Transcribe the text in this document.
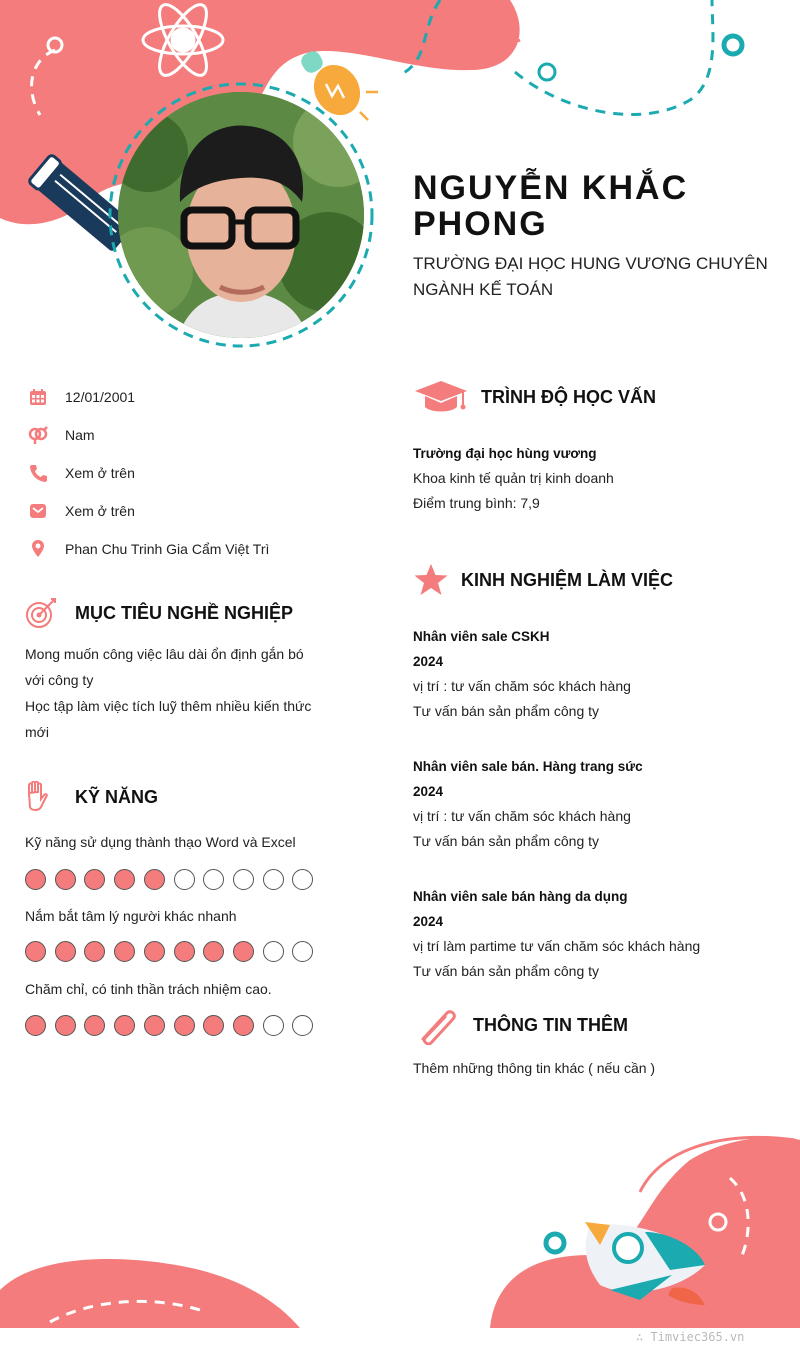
NGUYỄN KHẮC PHONG
TRƯỜNG ĐẠI HỌC HUNG VƯƠNG CHUYÊN NGÀNH KẾ TOÁN
12/01/2001
Nam
Xem ở trên
Xem ở trên
Phan Chu Trinh Gia Cẩm Việt Trì
MỤC TIÊU NGHỀ NGHIỆP
Mong muốn công việc lâu dài ổn định gắn bó với công ty
Học tập làm việc tích luỹ thêm nhiều kiến thức mới
KỸ NĂNG
Kỹ năng sử dụng thành thạo Word và Excel
Nắm bắt tâm lý người khác nhanh
Chăm chỉ, có tinh thần trách nhiệm cao.
TRÌNH ĐỘ HỌC VẤN
Trường đại học hùng vương
Khoa kinh tế quản trị kinh doanh
Điểm trung bình: 7,9
KINH NGHIỆM LÀM VIỆC
Nhân viên sale CSKH
2024
vị trí : tư vấn chăm sóc khách hàng
Tư vấn bán sản phẩm công ty
Nhân viên sale bán. Hàng trang sức
2024
vị trí : tư vấn chăm sóc khách hàng
Tư vấn bán sản phẩm công ty
Nhân viên sale bán hàng da dụng
2024
vị trí làm partime tư vấn chăm sóc khách hàng
Tư vấn bán sản phẩm công ty
THÔNG TIN THÊM
Thêm những thông tin khác ( nếu cần )
∴ Timviec365.vn
